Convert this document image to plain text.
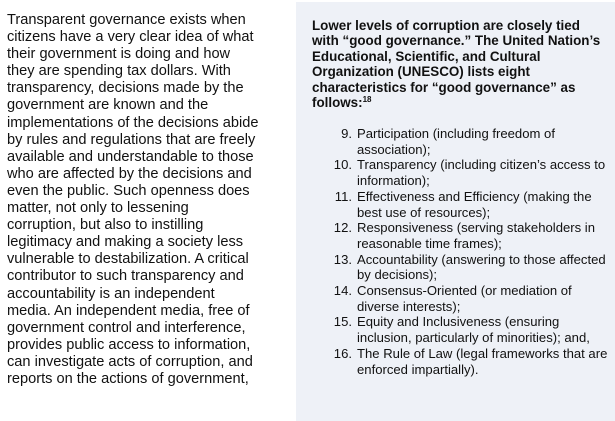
Transparent governance exists when citizens have a very clear idea of what their government is doing and how they are spending tax dollars. With transparency, decisions made by the government are known and the implementations of the decisions abide by rules and regulations that are freely available and understandable to those who are affected by the decisions and even the public. Such openness does matter, not only to lessening corruption, but also to instilling legitimacy and making a society less vulnerable to destabilization. A critical contributor to such transparency and accountability is an independent media. An independent media, free of government control and interference, provides public access to information, can investigate acts of corruption, and reports on the actions of government,
Lower levels of corruption are closely tied with “good governance.” The United Nation’s Educational, Scientific, and Cultural Organization (UNESCO) lists eight characteristics for “good governance” as follows:$^{18}$
9. Participation (including freedom of association);
10. Transparency (including citizen’s access to information);
11. Effectiveness and Efficiency (making the best use of resources);
12. Responsiveness (serving stakeholders in reasonable time frames);
13. Accountability (answering to those affected by decisions);
14. Consensus-Oriented (or mediation of diverse interests);
15. Equity and Inclusiveness (ensuring inclusion, particularly of minorities); and,
16. The Rule of Law (legal frameworks that are enforced impartially).
